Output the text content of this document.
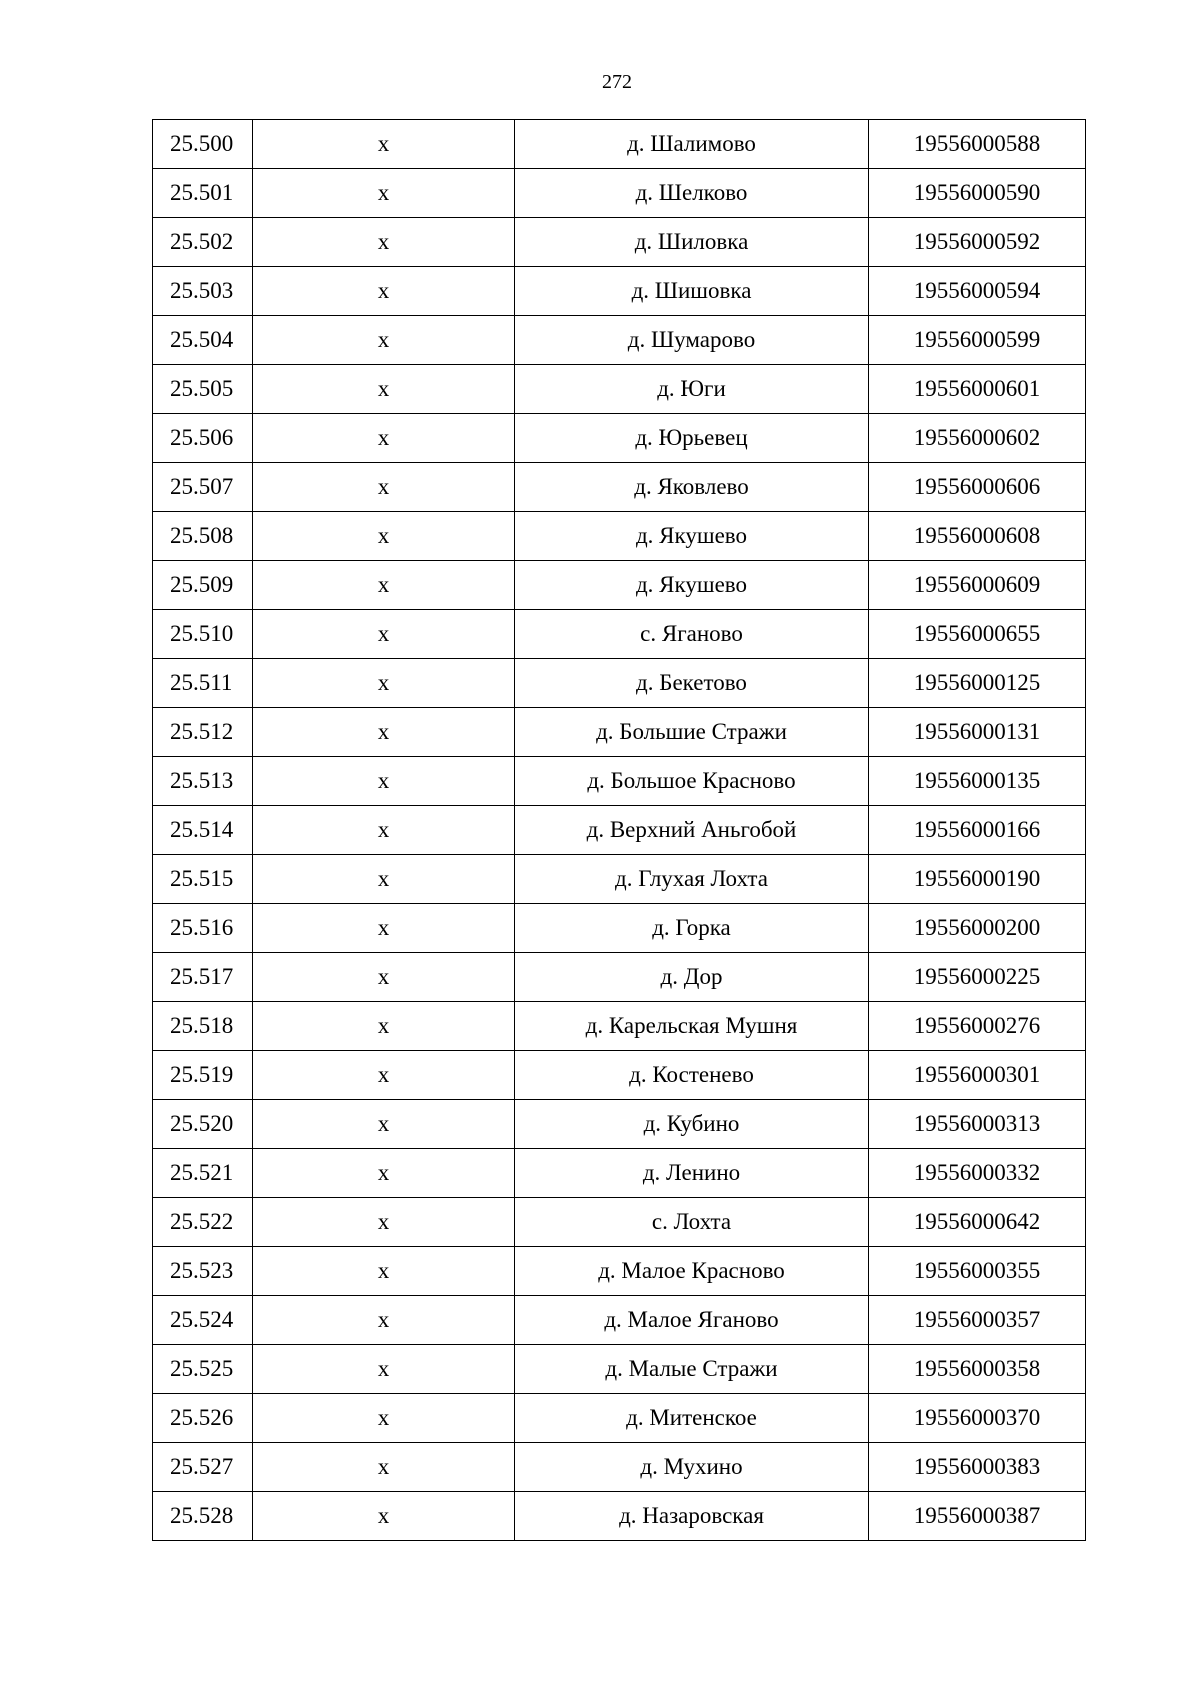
272
25.500	х	д. Шалимово	19556000588
25.501	х	д. Шелково	19556000590
25.502	х	д. Шиловка	19556000592
25.503	х	д. Шишовка	19556000594
25.504	х	д. Шумарово	19556000599
25.505	х	д. Юги	19556000601
25.506	х	д. Юрьевец	19556000602
25.507	х	д. Яковлево	19556000606
25.508	х	д. Якушево	19556000608
25.509	х	д. Якушево	19556000609
25.510	х	с. Яганово	19556000655
25.511	х	д. Бекетово	19556000125
25.512	х	д. Большие Стражи	19556000131
25.513	х	д. Большое Красново	19556000135
25.514	х	д. Верхний Аньгобой	19556000166
25.515	х	д. Глухая Лохта	19556000190
25.516	х	д. Горка	19556000200
25.517	х	д. Дор	19556000225
25.518	х	д. Карельская Мушня	19556000276
25.519	х	д. Костенево	19556000301
25.520	х	д. Кубино	19556000313
25.521	х	д. Ленино	19556000332
25.522	х	с. Лохта	19556000642
25.523	х	д. Малое Красново	19556000355
25.524	х	д. Малое Яганово	19556000357
25.525	х	д. Малые Стражи	19556000358
25.526	х	д. Митенское	19556000370
25.527	х	д. Мухино	19556000383
25.528	х	д. Назаровская	19556000387
